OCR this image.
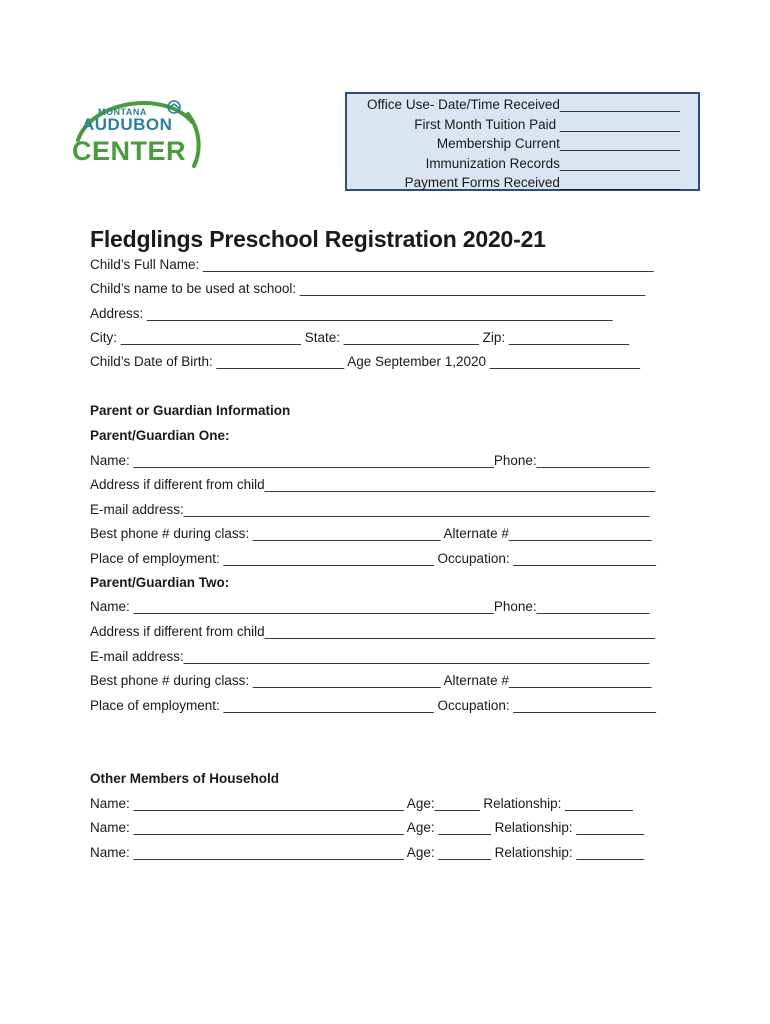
MONTANA
AUDUBON
CENTER
Office Use- Date/Time Received________________
First Month Tuition Paid ________________
Membership Current________________
Immunization Records________________
Payment Forms Received________________
Fledglings Preschool Registration 2020-21
Child’s Full Name: ____________________________________________________________
Child’s name to be used at school: ______________________________________________
Address: ______________________________________________________________
City: ________________________ State: __________________ Zip: ________________
Child’s Date of Birth: _________________ Age September 1,2020 ____________________
Parent or Guardian Information
Parent/Guardian One:
Name: ________________________________________________Phone:_______________
Address if different from child____________________________________________________
E-mail address:______________________________________________________________
Best phone # during class: _________________________ Alternate #___________________
Place of employment: ____________________________ Occupation: ___________________
Parent/Guardian Two:
Name: ________________________________________________Phone:_______________
Address if different from child____________________________________________________
E-mail address:______________________________________________________________
Best phone # during class: _________________________ Alternate #___________________
Place of employment: ____________________________ Occupation: ___________________
Other Members of Household
Name: ____________________________________ Age:______ Relationship: _________
Name: ____________________________________ Age: _______ Relationship: _________
Name: ____________________________________ Age: _______ Relationship: _________
